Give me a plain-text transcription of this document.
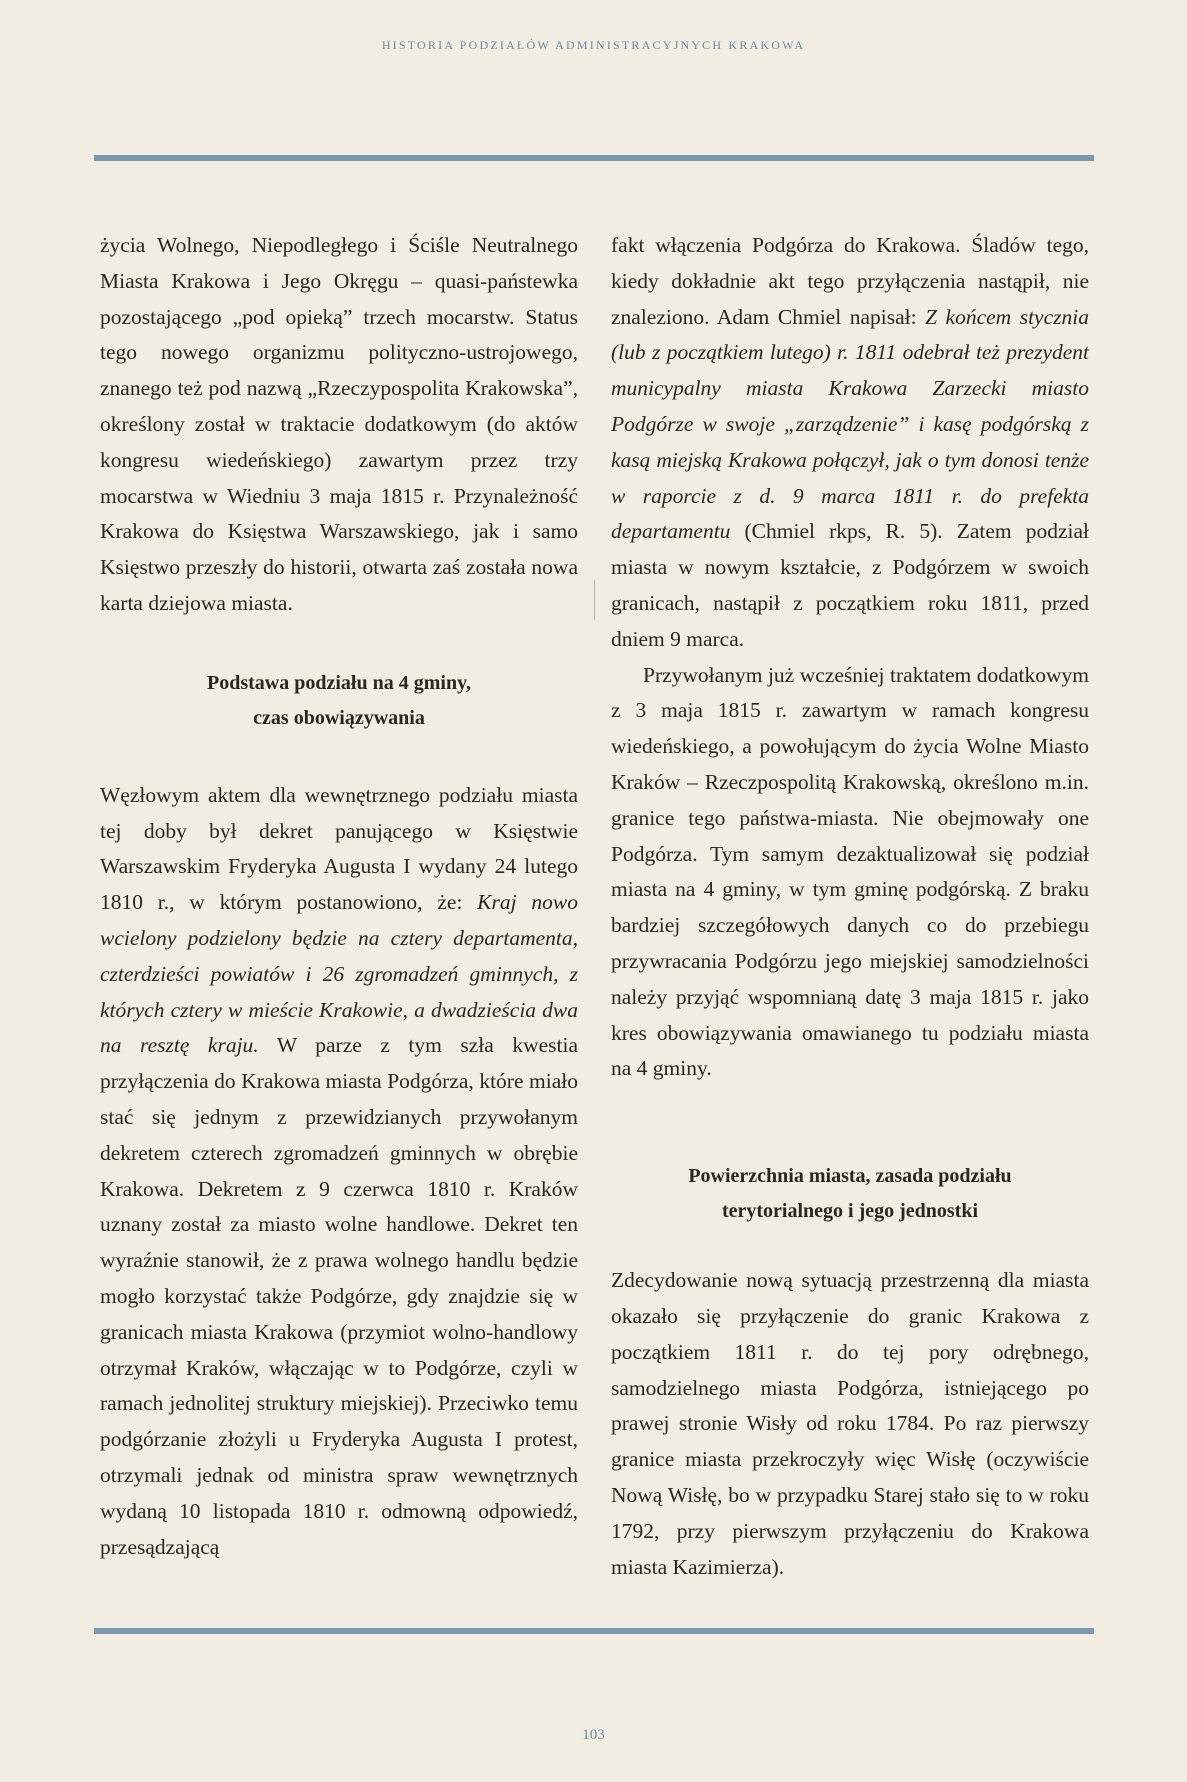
HISTORIA PODZIAŁÓW ADMINISTRACYJNYCH KRAKOWA

życia Wolnego, Niepodległego i Ściśle Neutralnego Miasta Krakowa i Jego Okręgu – quasi-państewka pozostającego „pod opieką” trzech mocarstw. Status tego nowego organizmu polityczno-ustrojowego, znanego też pod nazwą „Rzeczypospolita Krakowska”, określony został w traktacie dodatkowym (do aktów kongresu wiedeńskiego) zawartym przez trzy mocarstwa w Wiedniu 3 maja 1815 r. Przynależność Krakowa do Księstwa Warszawskiego, jak i samo Księstwo przeszły do historii, otwarta zaś została nowa karta dziejowa miasta.

Podstawa podziału na 4 gminy,
czas obowiązywania

Węzłowym aktem dla wewnętrznego podziału miasta tej doby był dekret panującego w Księstwie Warszawskim Fryderyka Augusta I wydany 24 lutego 1810 r., w którym postanowiono, że: Kraj nowo wcielony podzielony będzie na cztery departamenta, czterdzieści powiatów i 26 zgromadzeń gminnych, z których cztery w mieście Krakowie, a dwadzieścia dwa na resztę kraju. W parze z tym szła kwestia przyłączenia do Krakowa miasta Podgórza, które miało stać się jednym z przewidzianych przywołanym dekretem czterech zgromadzeń gminnych w obrębie Krakowa. Dekretem z 9 czerwca 1810 r. Kraków uznany został za miasto wolne handlowe. Dekret ten wyraźnie stanowił, że z prawa wolnego handlu będzie mogło korzystać także Podgórze, gdy znajdzie się w granicach miasta Krakowa (przymiot wolno-handlowy otrzymał Kraków, włączając w to Podgórze, czyli w ramach jednolitej struktury miejskiej). Przeciwko temu podgórzanie złożyli u Fryderyka Augusta I protest, otrzymali jednak od ministra spraw wewnętrznych wydaną 10 listopada 1810 r. odmowną odpowiedź, przesądzającą

fakt włączenia Podgórza do Krakowa. Śladów tego, kiedy dokładnie akt tego przyłączenia nastąpił, nie znaleziono. Adam Chmiel napisał: Z końcem stycznia (lub z początkiem lutego) r. 1811 odebrał też prezydent municypalny miasta Krakowa Zarzecki miasto Podgórze w swoje „zarządzenie” i kasę podgórską z kasą miejską Krakowa połączył, jak o tym donosi tenże w raporcie z d. 9 marca 1811 r. do prefekta departamentu (Chmiel rkps, R. 5). Zatem podział miasta w nowym kształcie, z Podgórzem w swoich granicach, nastąpił z początkiem roku 1811, przed dniem 9 marca.

Przywołanym już wcześniej traktatem dodatkowym z 3 maja 1815 r. zawartym w ramach kongresu wiedeńskiego, a powołującym do życia Wolne Miasto Kraków – Rzeczpospolitą Krakowską, określono m.in. granice tego państwa-miasta. Nie obejmowały one Podgórza. Tym samym dezaktualizował się podział miasta na 4 gminy, w tym gminę podgórską. Z braku bardziej szczegółowych danych co do przebiegu przywracania Podgórzu jego miejskiej samodzielności należy przyjąć wspomnianą datę 3 maja 1815 r. jako kres obowiązywania omawianego tu podziału miasta na 4 gminy.

Powierzchnia miasta, zasada podziału
terytorialnego i jego jednostki

Zdecydowanie nową sytuacją przestrzenną dla miasta okazało się przyłączenie do granic Krakowa z początkiem 1811 r. do tej pory odrębnego, samodzielnego miasta Podgórza, istniejącego po prawej stronie Wisły od roku 1784. Po raz pierwszy granice miasta przekroczyły więc Wisłę (oczywiście Nową Wisłę, bo w przypadku Starej stało się to w roku 1792, przy pierwszym przyłączeniu do Krakowa miasta Kazimierza).

103
